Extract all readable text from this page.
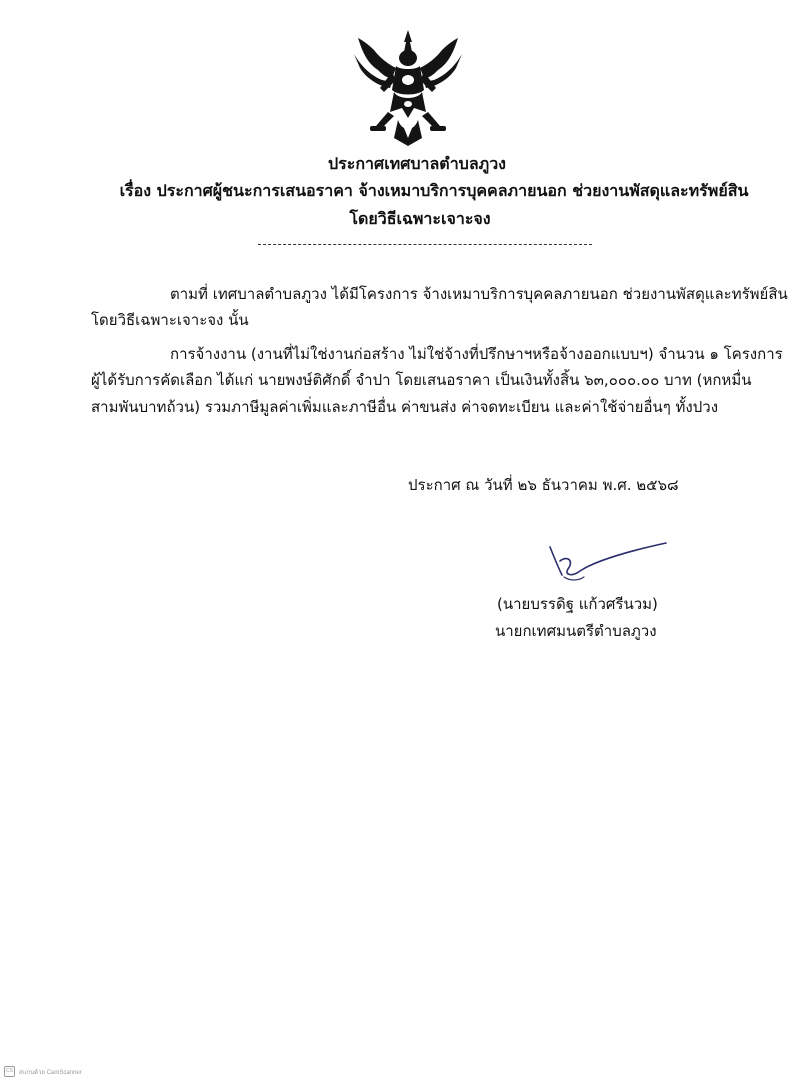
ประกาศเทศบาลตำบลภูวง
เรื่อง ประกาศผู้ชนะการเสนอราคา จ้างเหมาบริการบุคคลภายนอก ช่วยงานพัสดุและทรัพย์สิน
โดยวิธีเฉพาะเจาะจง
ตามที่ เทศบาลตำบลภูวง ได้มีโครงการ จ้างเหมาบริการบุคคลภายนอก ช่วยงานพัสดุและทรัพย์สิน
โดยวิธีเฉพาะเจาะจง นั้น
การจ้างงาน (งานที่ไม่ใช่งานก่อสร้าง ไม่ใช่จ้างที่ปรึกษาฯหรือจ้างออกแบบฯ) จำนวน ๑ โครงการ
ผู้ได้รับการคัดเลือก ได้แก่ นายพงษ์ติศักดิ์ จำปา โดยเสนอราคา เป็นเงินทั้งสิ้น ๖๓,๐๐๐.๐๐ บาท (หกหมื่น
สามพันบาทถ้วน) รวมภาษีมูลค่าเพิ่มและภาษีอื่น ค่าขนส่ง ค่าจดทะเบียน และค่าใช้จ่ายอื่นๆ ทั้งปวง
ประกาศ ณ วันที่ ๒๖ ธันวาคม พ.ศ. ๒๕๖๘
(นายบรรดิฐ แก้วศรีนวม)
นายกเทศมนตรีตำบลภูวง
CS	สแกนด้วย CamScanner
